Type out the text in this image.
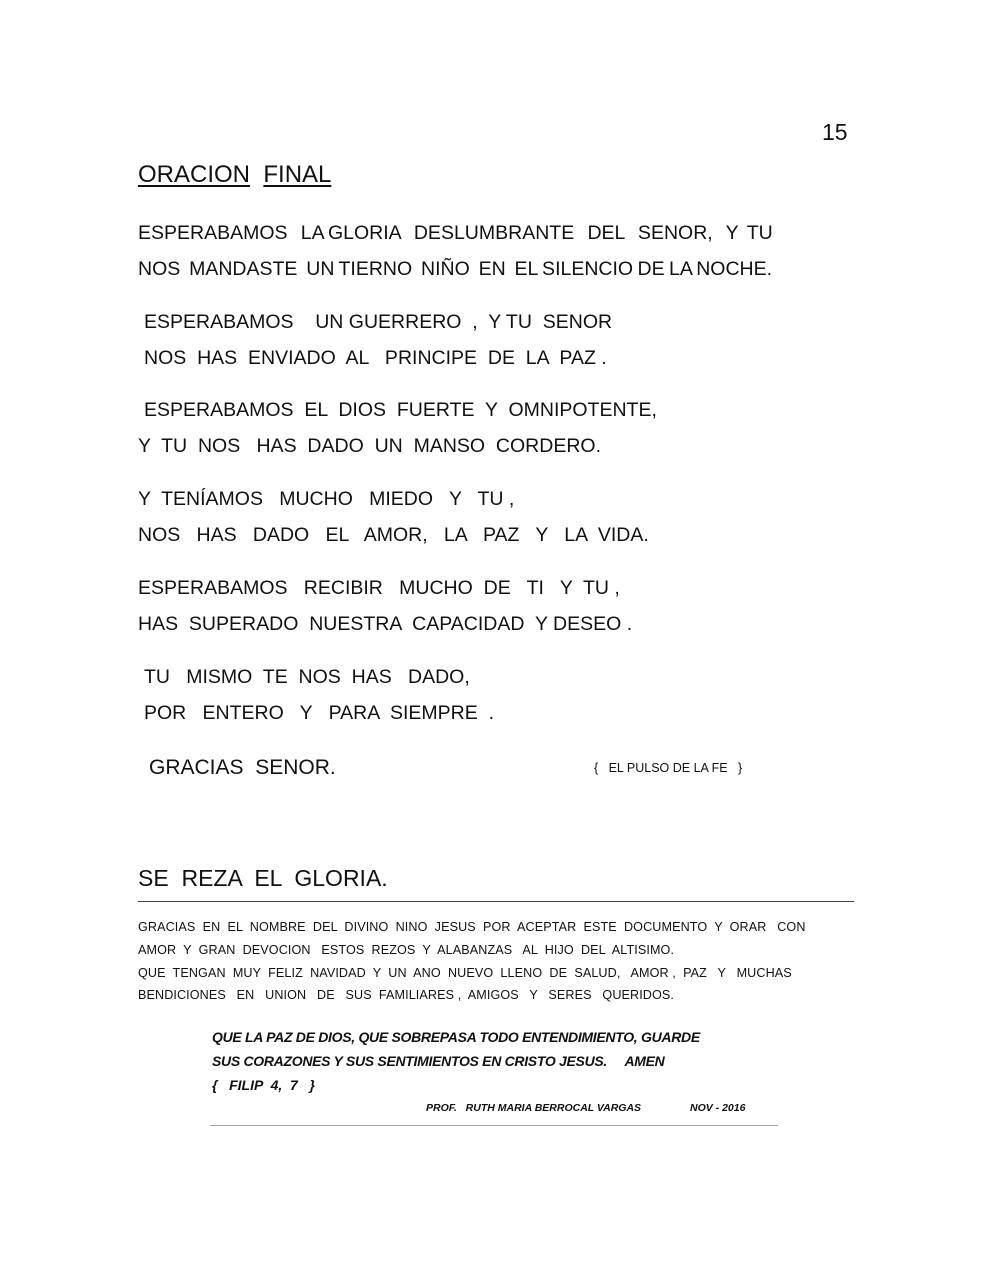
15
ORACION FINAL
ESPERABAMOS   LA GLORIA   DESLUMBRANTE   DEL   SENOR,   Y  TU
NOS  MANDASTE  UN TIERNO  NIÑO  EN  EL SILENCIO DE LA NOCHE.
ESPERABAMOS    UN GUERRERO  ,  Y TU  SENOR
NOS  HAS  ENVIADO  AL   PRINCIPE  DE  LA  PAZ .
ESPERABAMOS  EL  DIOS  FUERTE  Y  OMNIPOTENTE,
Y  TU  NOS   HAS  DADO  UN  MANSO  CORDERO.
Y  TENÍAMOS   MUCHO   MIEDO   Y   TU ,
NOS   HAS   DADO   EL   AMOR,   LA   PAZ   Y   LA  VIDA.
ESPERABAMOS   RECIBIR   MUCHO  DE   TI   Y  TU ,
HAS  SUPERADO  NUESTRA  CAPACIDAD  Y DESEO .
TU   MISMO  TE  NOS  HAS   DADO,
POR   ENTERO   Y   PARA  SIEMPRE  .
GRACIAS  SENOR.	{   EL PULSO DE LA FE   }
SE  REZA  EL  GLORIA.
GRACIAS  EN  EL  NOMBRE  DEL  DIVINO  NINO  JESUS  POR  ACEPTAR  ESTE  DOCUMENTO  Y  ORAR   CON
AMOR  Y  GRAN  DEVOCION   ESTOS  REZOS  Y  ALABANZAS   AL  HIJO  DEL  ALTISIMO.
QUE  TENGAN  MUY  FELIZ  NAVIDAD  Y  UN  ANO  NUEVO  LLENO  DE  SALUD,   AMOR ,  PAZ   Y   MUCHAS
BENDICIONES   EN   UNION   DE   SUS  FAMILIARES ,  AMIGOS   Y   SERES   QUERIDOS.
QUE LA PAZ DE DIOS, QUE SOBREPASA TODO ENTENDIMIENTO, GUARDE
SUS CORAZONES Y SUS SENTIMIENTOS EN CRISTO JESUS.     AMEN
{   FILIP  4,  7   }
PROF.   RUTH MARIA BERROCAL VARGAS	NOV - 2016
